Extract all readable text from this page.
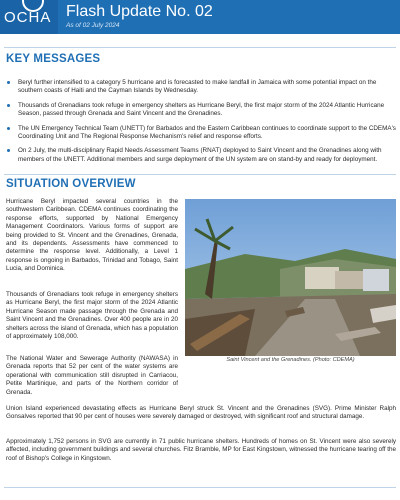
OCHA Flash Update No. 02
As of 02 July 2024
KEY MESSAGES
Beryl further intensified to a category 5 hurricane and is forecasted to make landfall in Jamaica with some potential impact on the southern coasts of Haiti and the Cayman Islands by Wednesday.
Thousands of Grenadians took refuge in emergency shelters as Hurricane Beryl, the first major storm of the 2024 Atlantic Hurricane Season, passed through Grenada and Saint Vincent and the Grenadines.
The UN Emergency Technical Team (UNETT) for Barbados and the Eastern Caribbean continues to coordinate support to the CDEMA's Coordinating Unit and The Regional Response Mechanism's relief and response efforts.
On 2 July, the multi-disciplinary Rapid Needs Assessment Teams (RNAT) deployed to Saint Vincent and the Grenadines along with members of the UNETT. Additional members and surge deployment of the UN system are on stand-by and ready for deployment.
SITUATION OVERVIEW

Hurricane Beryl impacted several countries in the southwestern Caribbean. CDEMA continues coordinating the response efforts, supported by National Emergency Management Coordinators. Various forms of support are being provided to St. Vincent and the Grenadines, Grenada, and its dependents. Assessments have commenced to determine the response level. Additionally, a Level 1 response is ongoing in Barbados, Trinidad and Tobago, Saint Lucia, and Dominica.

Thousands of Grenadians took refuge in emergency shelters as Hurricane Beryl, the first major storm of the 2024 Atlantic Hurricane Season made passage through the Grenada and Saint Vincent and the Grenadines. Over 400 people are in 20 shelters across the island of Grenada, which has a population of approximately 108,000.

The National Water and Sewerage Authority (NAWASA) in Grenada reports that 52 per cent of the water systems are operational with communication still disrupted in Carriacou, Petite Martinique, and parts of the Northern corridor of Grenada.

Saint Vincent and the Grenadines. (Photo: CDEMA)

Union Island experienced devastating effects as Hurricane Beryl struck St. Vincent and the Grenadines (SVG). Prime Minister Ralph Gonsalves reported that 90 per cent of houses were severely damaged or destroyed, with significant roof and structural damage.

Approximately 1,752 persons in SVG are currently in 71 public hurricane shelters. Hundreds of homes on St. Vincent were also severely affected, including government buildings and several churches. Fitz Bramble, MP for East Kingstown, witnessed the hurricane tearing off the roof of Bishop's College in Kingstown.
